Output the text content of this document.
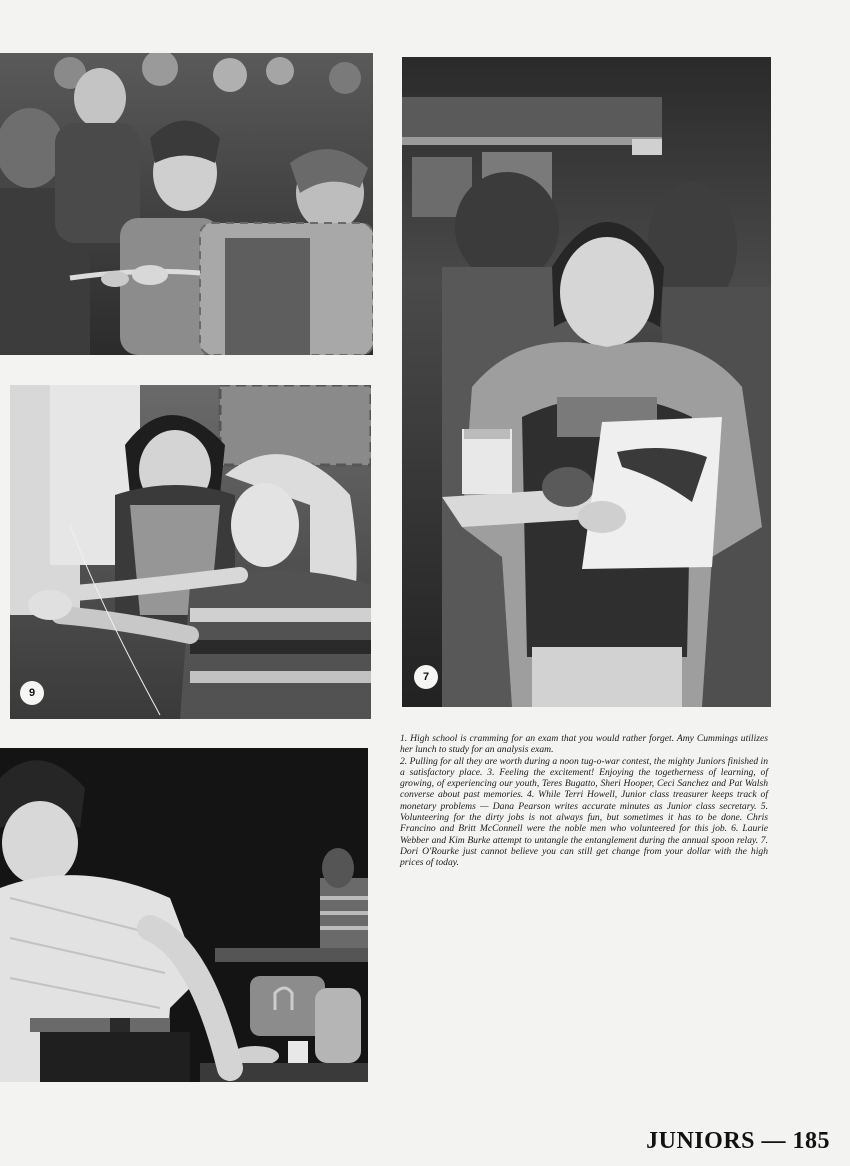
7
9

1. High school is cramming for an exam that you would rather forget. Amy Cummings utilizes her lunch to study for an analysis exam.

2. Pulling for all they are worth during a noon tug-o-war contest, the mighty Juniors finished in a satisfactory place. 3. Feeling the excitement! Enjoying the togetherness of learning, of growing, of experiencing our youth, Teres Bugatto, Sheri Hooper, Ceci Sanchez and Pat Walsh converse about past memories. 4. While Terri Howell, Junior class treasurer keeps track of monetary problems — Dana Pearson writes accurate minutes as Junior class secretary. 5. Volunteering for the dirty jobs is not always fun, but sometimes it has to be done. Chris Francino and Britt McConnell were the noble men who volunteered for this job. 6. Laurie Webber and Kim Burke attempt to untangle the entanglement during the annual spoon relay. 7. Dori O'Rourke just cannot believe you can still get change from your dollar with the high prices of today.

JUNIORS — 185
